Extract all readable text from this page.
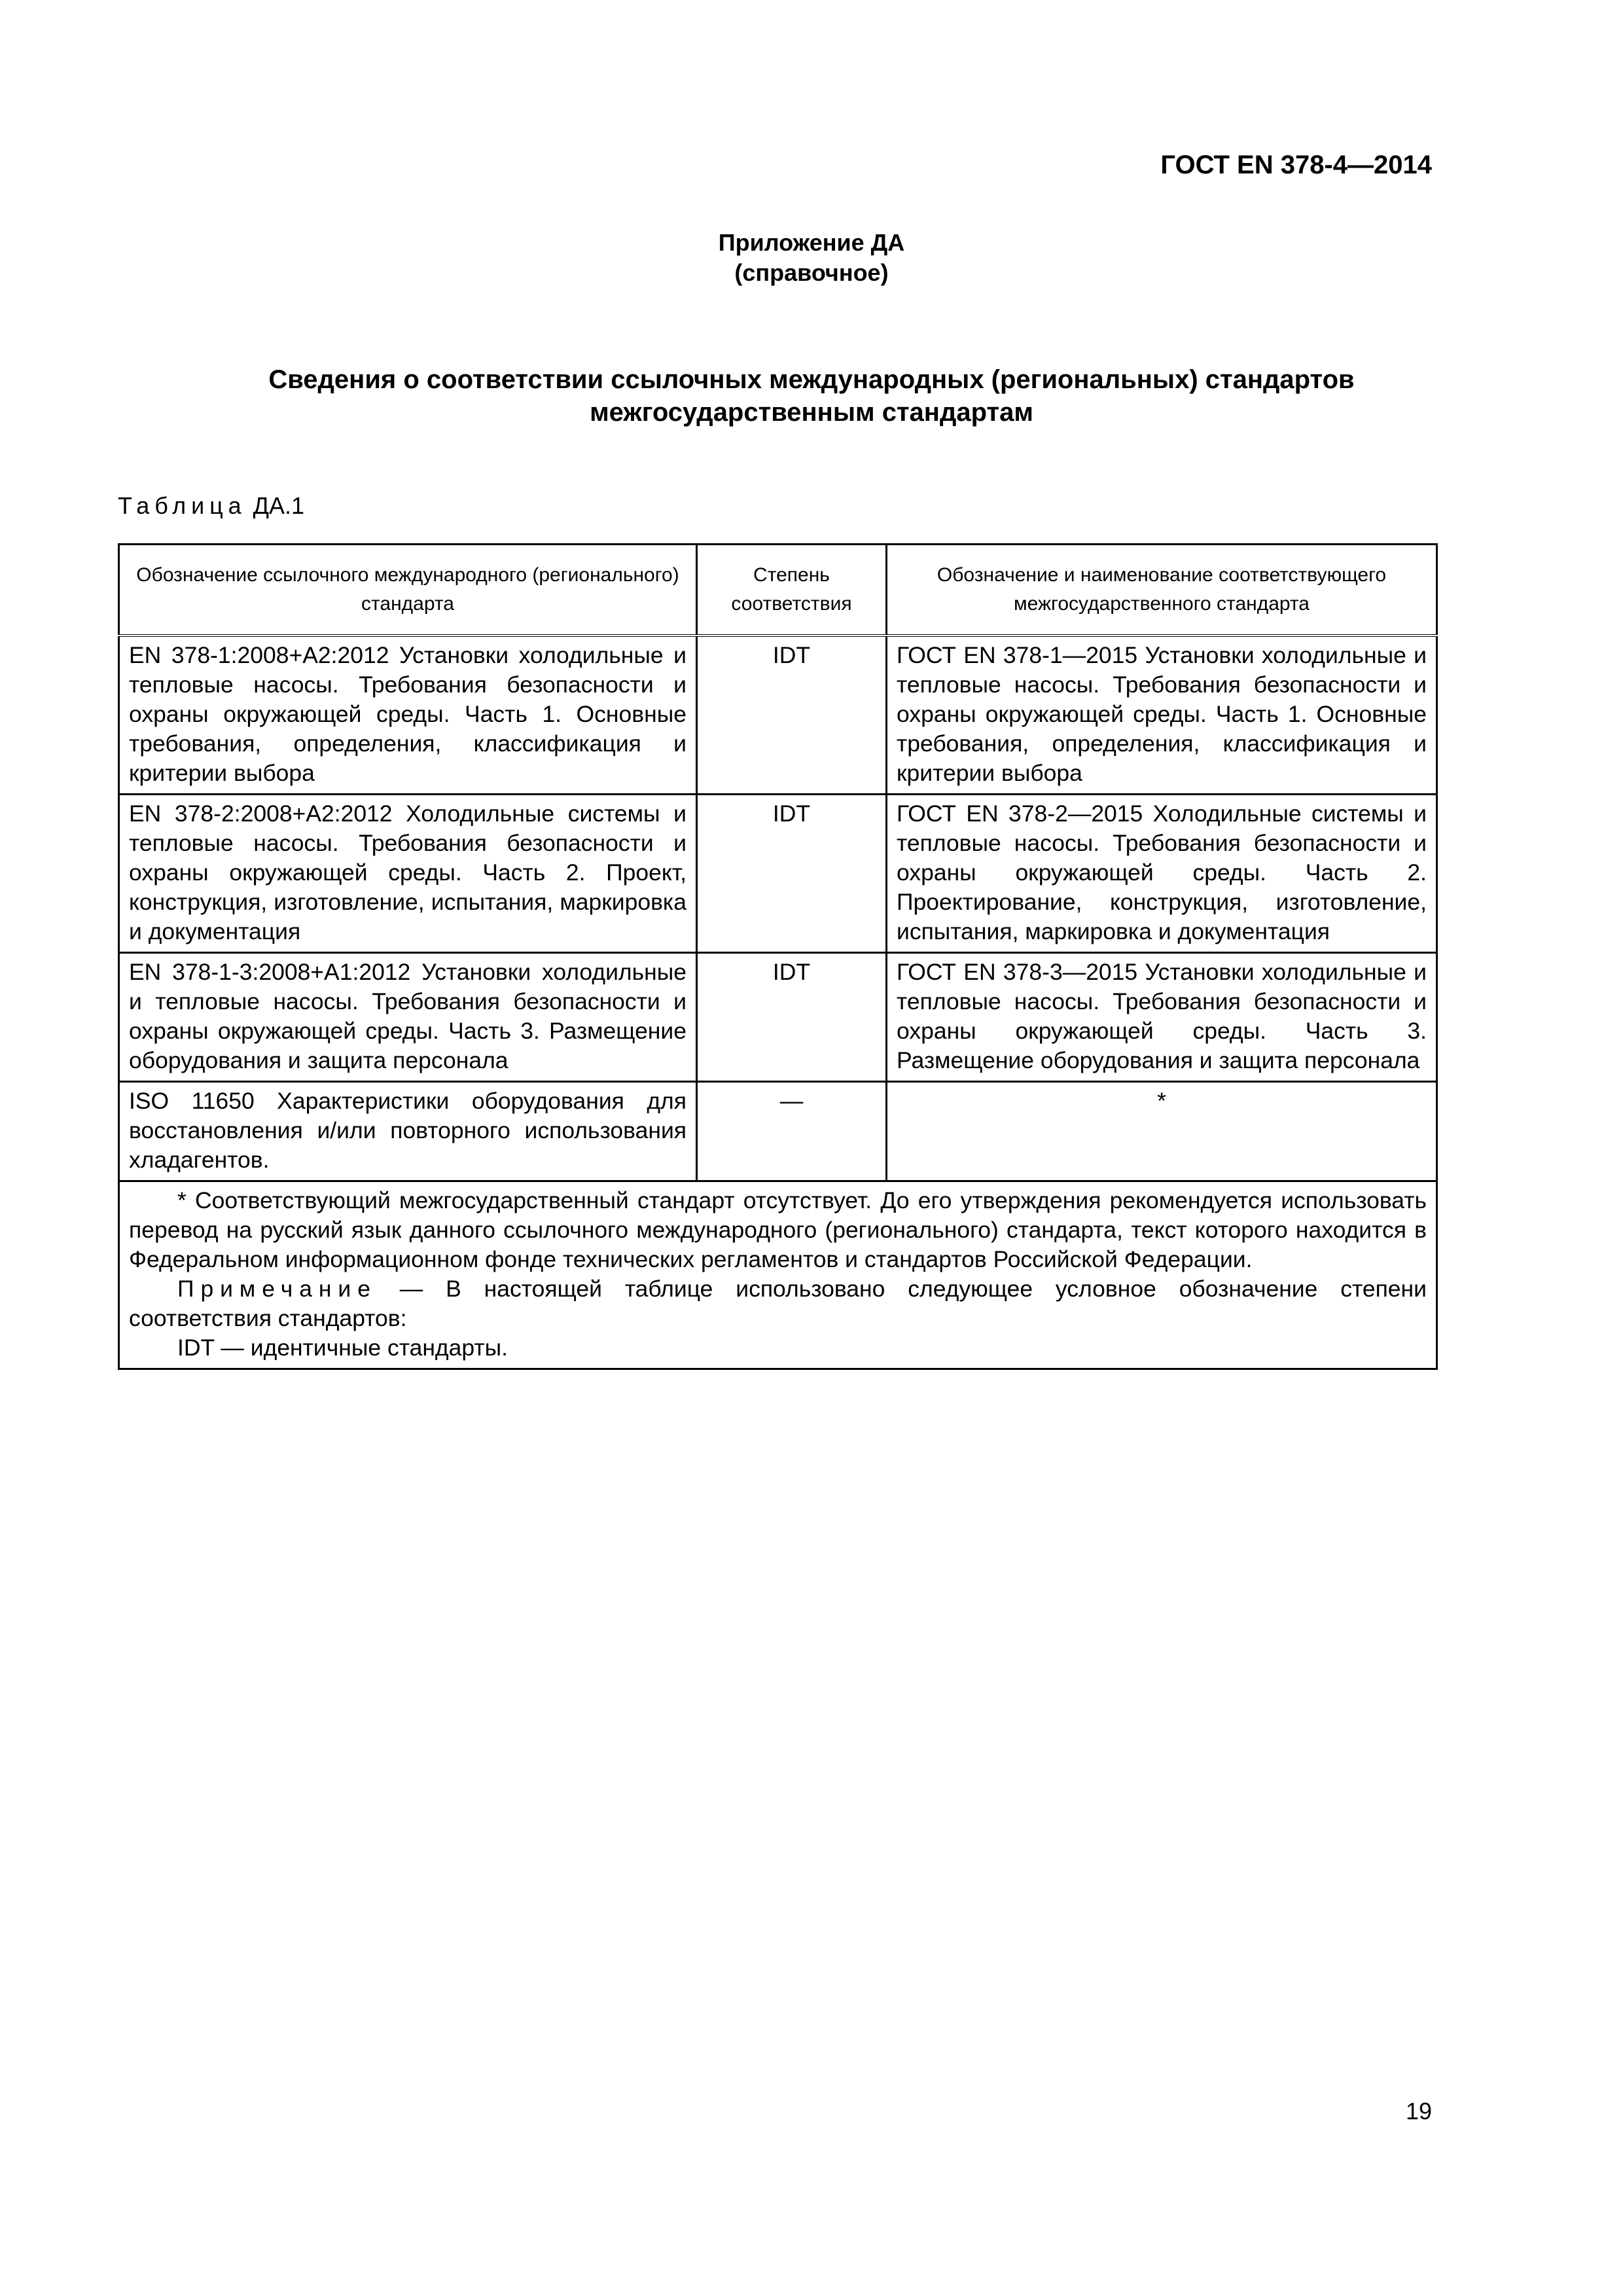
ГОСТ EN 378-4—2014
Приложение ДА
(справочное)
Сведения о соответствии ссылочных международных (региональных) стандартов
межгосударственным стандартам
Таблица ДА.1
Обозначение ссылочного международного (регионального) стандарта	Степень соответствия	Обозначение и наименование соответствующего межгосударственного стандарта
EN 378-1:2008+A2:2012 Установки холодильные и тепловые насосы. Требования безопасности и охраны окружающей среды. Часть 1. Основные требования, определения, классификация и критерии выбора	IDT	ГОСТ EN 378-1—2015 Установки холодильные и тепловые насосы. Требования безопасности и охраны окружающей среды. Часть 1. Основные требования, определения, классификация и критерии выбора
EN 378-2:2008+A2:2012 Холодильные системы и тепловые насосы. Требования безопасности и охраны окружающей среды. Часть 2. Проект, конструкция, изготовление, испытания, маркировка и документация	IDT	ГОСТ EN 378-2—2015 Холодильные системы и тепловые насосы. Требования безопасности и охраны окружающей среды. Часть 2. Проектирование, конструкция, изготовление, испытания, маркировка и документация
EN 378-1-3:2008+A1:2012 Установки холодильные и тепловые насосы. Требования безопасности и охраны окружающей среды. Часть 3. Размещение оборудования и защита персонала	IDT	ГОСТ EN 378-3—2015 Установки холодильные и тепловые насосы. Требования безопасности и охраны окружающей среды. Часть 3. Размещение оборудования и защита персонала
ISO 11650 Характеристики оборудования для восстановления и/или повторного использования хладагентов.	—	*

* Соответствующий межгосударственный стандарт отсутствует. До его утверждения рекомендуется использовать перевод на русский язык данного ссылочного международного (регионального) стандарта, текст которого находится в Федеральном информационном фонде технических регламентов и стандартов Российской Федерации.

Примечание — В настоящей таблице использовано следующее условное обозначение степени соответствия стандартов:

IDT — идентичные стандарты.		

19
